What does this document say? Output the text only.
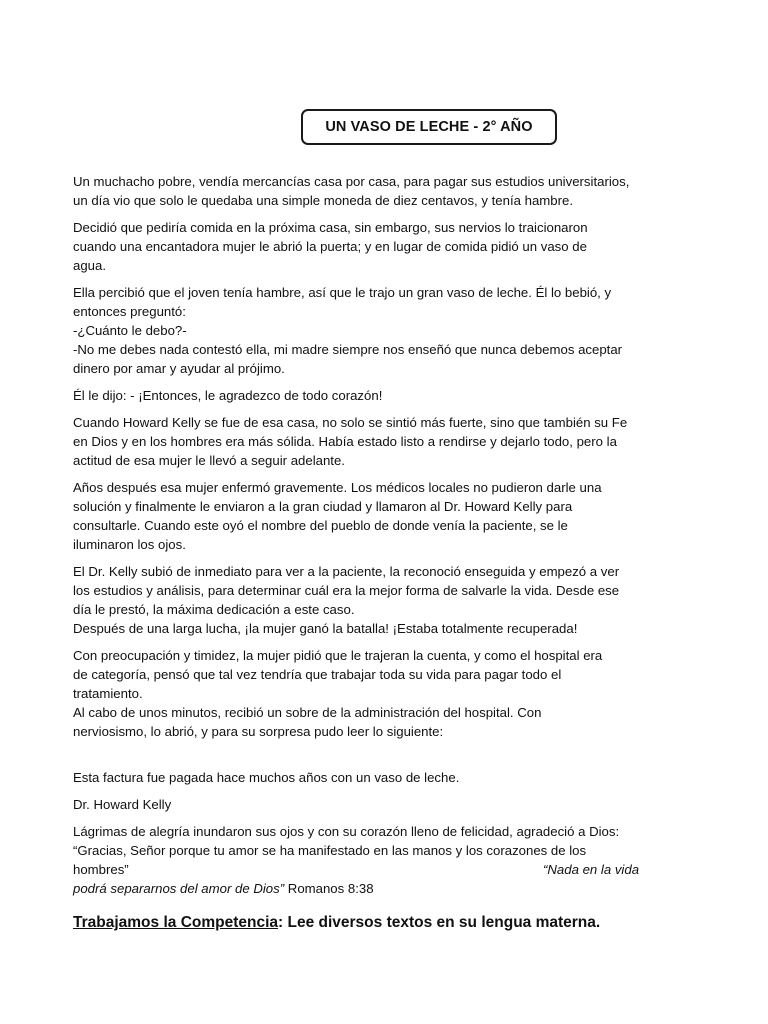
UN VASO DE LECHE - 2° AÑO
Un muchacho pobre, vendía mercancías casa por casa, para pagar sus estudios universitarios,
un día vio que solo le quedaba una simple moneda de diez centavos, y tenía hambre.
Decidió que pediría comida en la próxima casa, sin embargo, sus nervios lo traicionaron
cuando una encantadora mujer le abrió la puerta; y en lugar de comida pidió un vaso de
agua.
Ella percibió que el joven tenía hambre, así que le trajo un gran vaso de leche. Él lo bebió, y
entonces preguntó:
-¿Cuánto le debo?-
-No me debes nada contestó ella, mi madre siempre nos enseñó que nunca debemos aceptar
dinero por amar y ayudar al prójimo.
Él le dijo: - ¡Entonces, le agradezco de todo corazón!
Cuando Howard Kelly se fue de esa casa, no solo se sintió más fuerte, sino que también su Fe
en Dios y en los hombres era más sólida. Había estado listo a rendirse y dejarlo todo, pero la
actitud de esa mujer le llevó a seguir adelante.
Años después esa mujer enfermó gravemente. Los médicos locales no pudieron darle una
solución y finalmente le enviaron a la gran ciudad y llamaron al Dr. Howard Kelly para
consultarle. Cuando este oyó el nombre del pueblo de donde venía la paciente, se le
iluminaron los ojos.
El Dr. Kelly subió de inmediato para ver a la paciente, la reconoció enseguida y empezó a ver
los estudios y análisis, para determinar cuál era la mejor forma de salvarle la vida. Desde ese
día le prestó, la máxima dedicación a este caso.
Después de una larga lucha, ¡la mujer ganó la batalla! ¡Estaba totalmente recuperada!
Con preocupación y timidez, la mujer pidió que le trajeran la cuenta, y como el hospital era
de categoría, pensó que tal vez tendría que trabajar toda su vida para pagar todo el
tratamiento.
Al cabo de unos minutos, recibió un sobre de la administración del hospital. Con
nerviosismo, lo abrió, y para su sorpresa pudo leer lo siguiente:
Esta factura fue pagada hace muchos años con un vaso de leche.
Dr. Howard Kelly
Lágrimas de alegría inundaron sus ojos y con su corazón lleno de felicidad, agradeció a Dios:
“Gracias, Señor porque tu amor se ha manifestado en las manos y los corazones de los
hombres”	“Nada en la vida
podrá separarnos del amor de Dios” Romanos 8:38
Trabajamos la Competencia: Lee diversos textos en su lengua materna.
